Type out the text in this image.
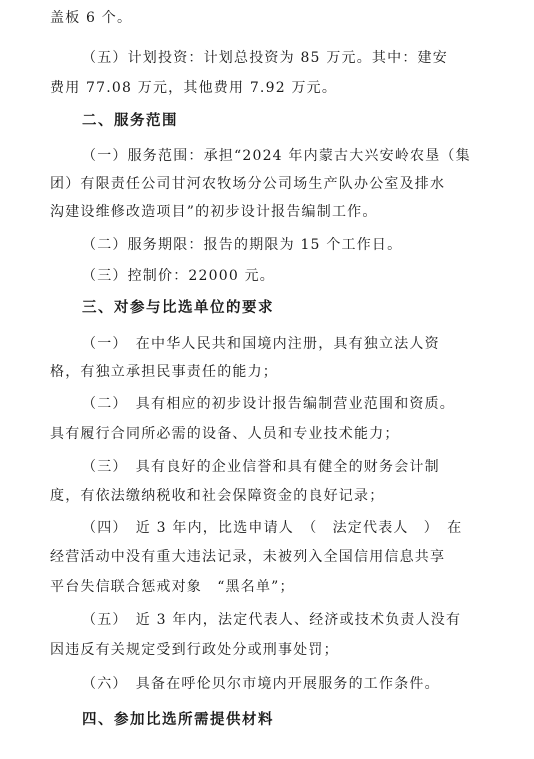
盖板 6 个。
（五）计划投资：计划总投资为 85 万元。其中：建安
费用 77.08 万元，其他费用 7.92 万元。
二、服务范围
（一）服务范围：承担“2024 年内蒙古大兴安岭农垦（集
团）有限责任公司甘河农牧场分公司场生产队办公室及排水
沟建设维修改造项目”的初步设计报告编制工作。
（二）服务期限：报告的期限为 15 个工作日。
（三）控制价：22000 元。
三、对参与比选单位的要求
（一）　在中华人民共和国境内注册，具有独立法人资
格，有独立承担民事责任的能力；
（二）　具有相应的初步设计报告编制营业范围和资质。
具有履行合同所必需的设备、人员和专业技术能力；
（三）　具有良好的企业信誉和具有健全的财务会计制
度，有依法缴纳税收和社会保障资金的良好记录；
（四）　近 3 年内，比选申请人　（　法定代表人　）　在
经营活动中没有重大违法记录，未被列入全国信用信息共享
平台失信联合惩戒对象　“黑名单”；
（五）　近 3 年内，法定代表人、经济或技术负责人没有
因违反有关规定受到行政处分或刑事处罚；
（六）　具备在呼伦贝尔市境内开展服务的工作条件。
四、参加比选所需提供材料
